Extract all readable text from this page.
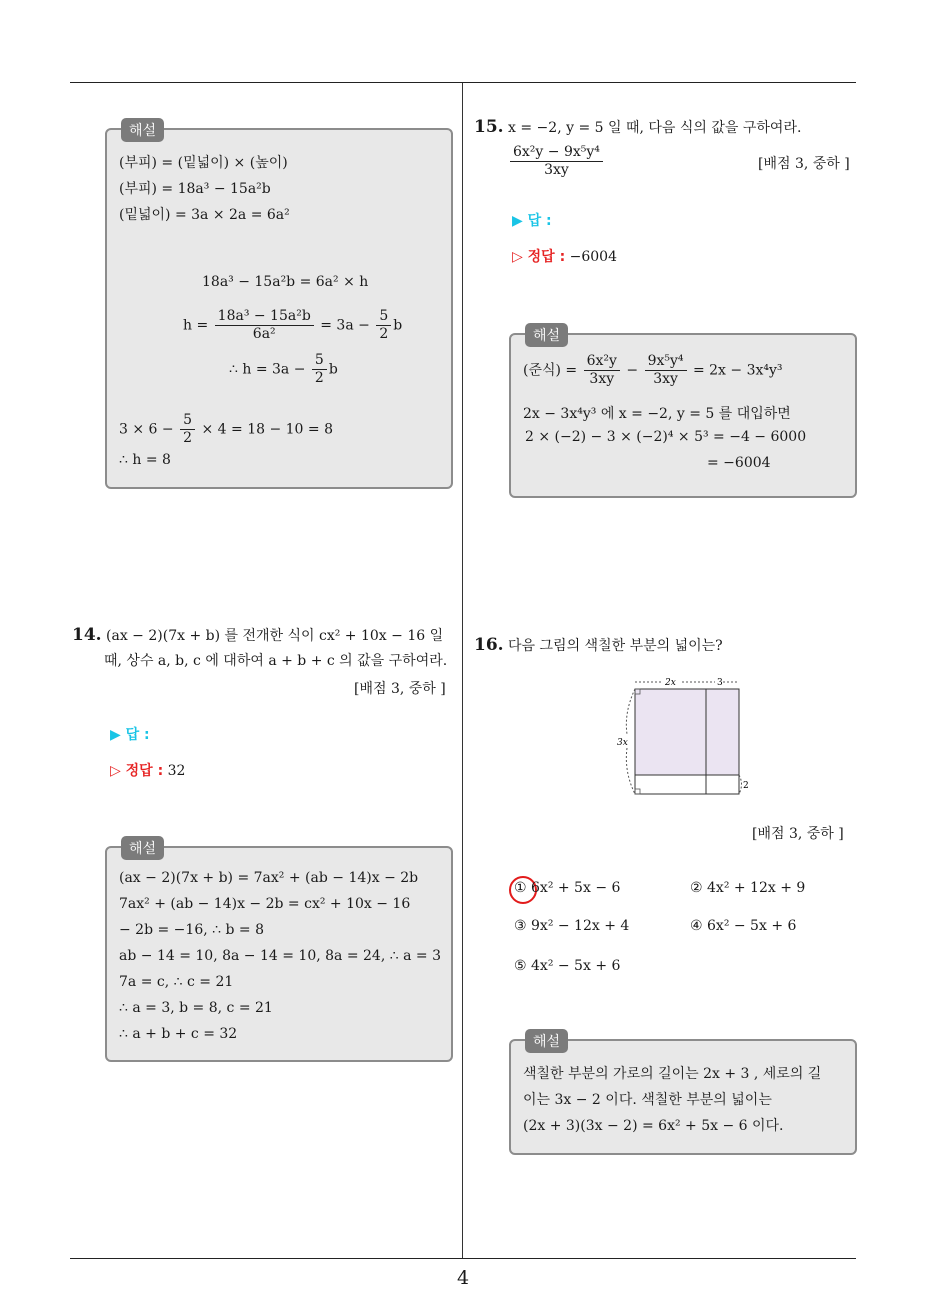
해설
(부피) = (밑넓이) × (높이)
(부피) = 18a³ − 15a²b
(밑넓이) = 3a × 2a = 6a²
18a³ − 15a²b = 6a² × h
$h = \frac{\text{18a³ − 15a²b}}{\text{6a²}} = 3a - \frac{5}{2}$ b
∴ $h = 3a - \frac{5}{2}$ b
$3 \times 6 - \frac{5}{2} \times 4 = 18 - 10 = 8$
∴ h = 8
14. (ax − 2)(7x + b) 를 전개한 식이 cx² + 10x − 16 일
때, 상수 a, b, c 에 대하여 a + b + c 의 값을 구하여라.
[배점 3, 중하 ]
▶ 답 :
▷ 정답 : 32
해설
(ax − 2)(7x + b) = 7ax² + (ab − 14)x − 2b
7ax² + (ab − 14)x − 2b = cx² + 10x − 16
− 2b = −16, ∴ b = 8
ab − 14 = 10, 8a − 14 = 10, 8a = 24, ∴ a = 3
7a = c, ∴ c = 21
∴ a = 3, b = 8, c = 21
∴ a + b + c = 32
15. x = −2, y = 5 일 때, 다음 식의 값을 구하여라.
$\frac{\text{6x²y − 9x⁵y⁴}}{3xy}$	[배점 3, 중하 ]
▶ 답 :
▷ 정답 : −6004
해설
(준식) = $\frac{\text{6x²y}}{3xy} - \frac{\text{9x⁵y⁴}}{3xy} = 2x - 3x^4y^3$
2x − 3x⁴y³ 에 x = −2, y = 5 를 대입하면
2 × (−2) − 3 × (−2)⁴ × 5³ = −4 − 6000
= −6004
16. 다음 그림의 색칠한 부분의 넓이는?
2x	3
3x
2
[배점 3, 중하 ]
① 6x² + 5x − 6	② 4x² + 12x + 9
③ 9x² − 12x + 4	④ 6x² − 5x + 6
⑤ 4x² − 5x + 6
해설
색칠한 부분의 가로의 길이는 2x + 3 , 세로의 길
이는 3x − 2 이다. 색칠한 부분의 넓이는
(2x + 3)(3x − 2) = 6x² + 5x − 6 이다.
4
